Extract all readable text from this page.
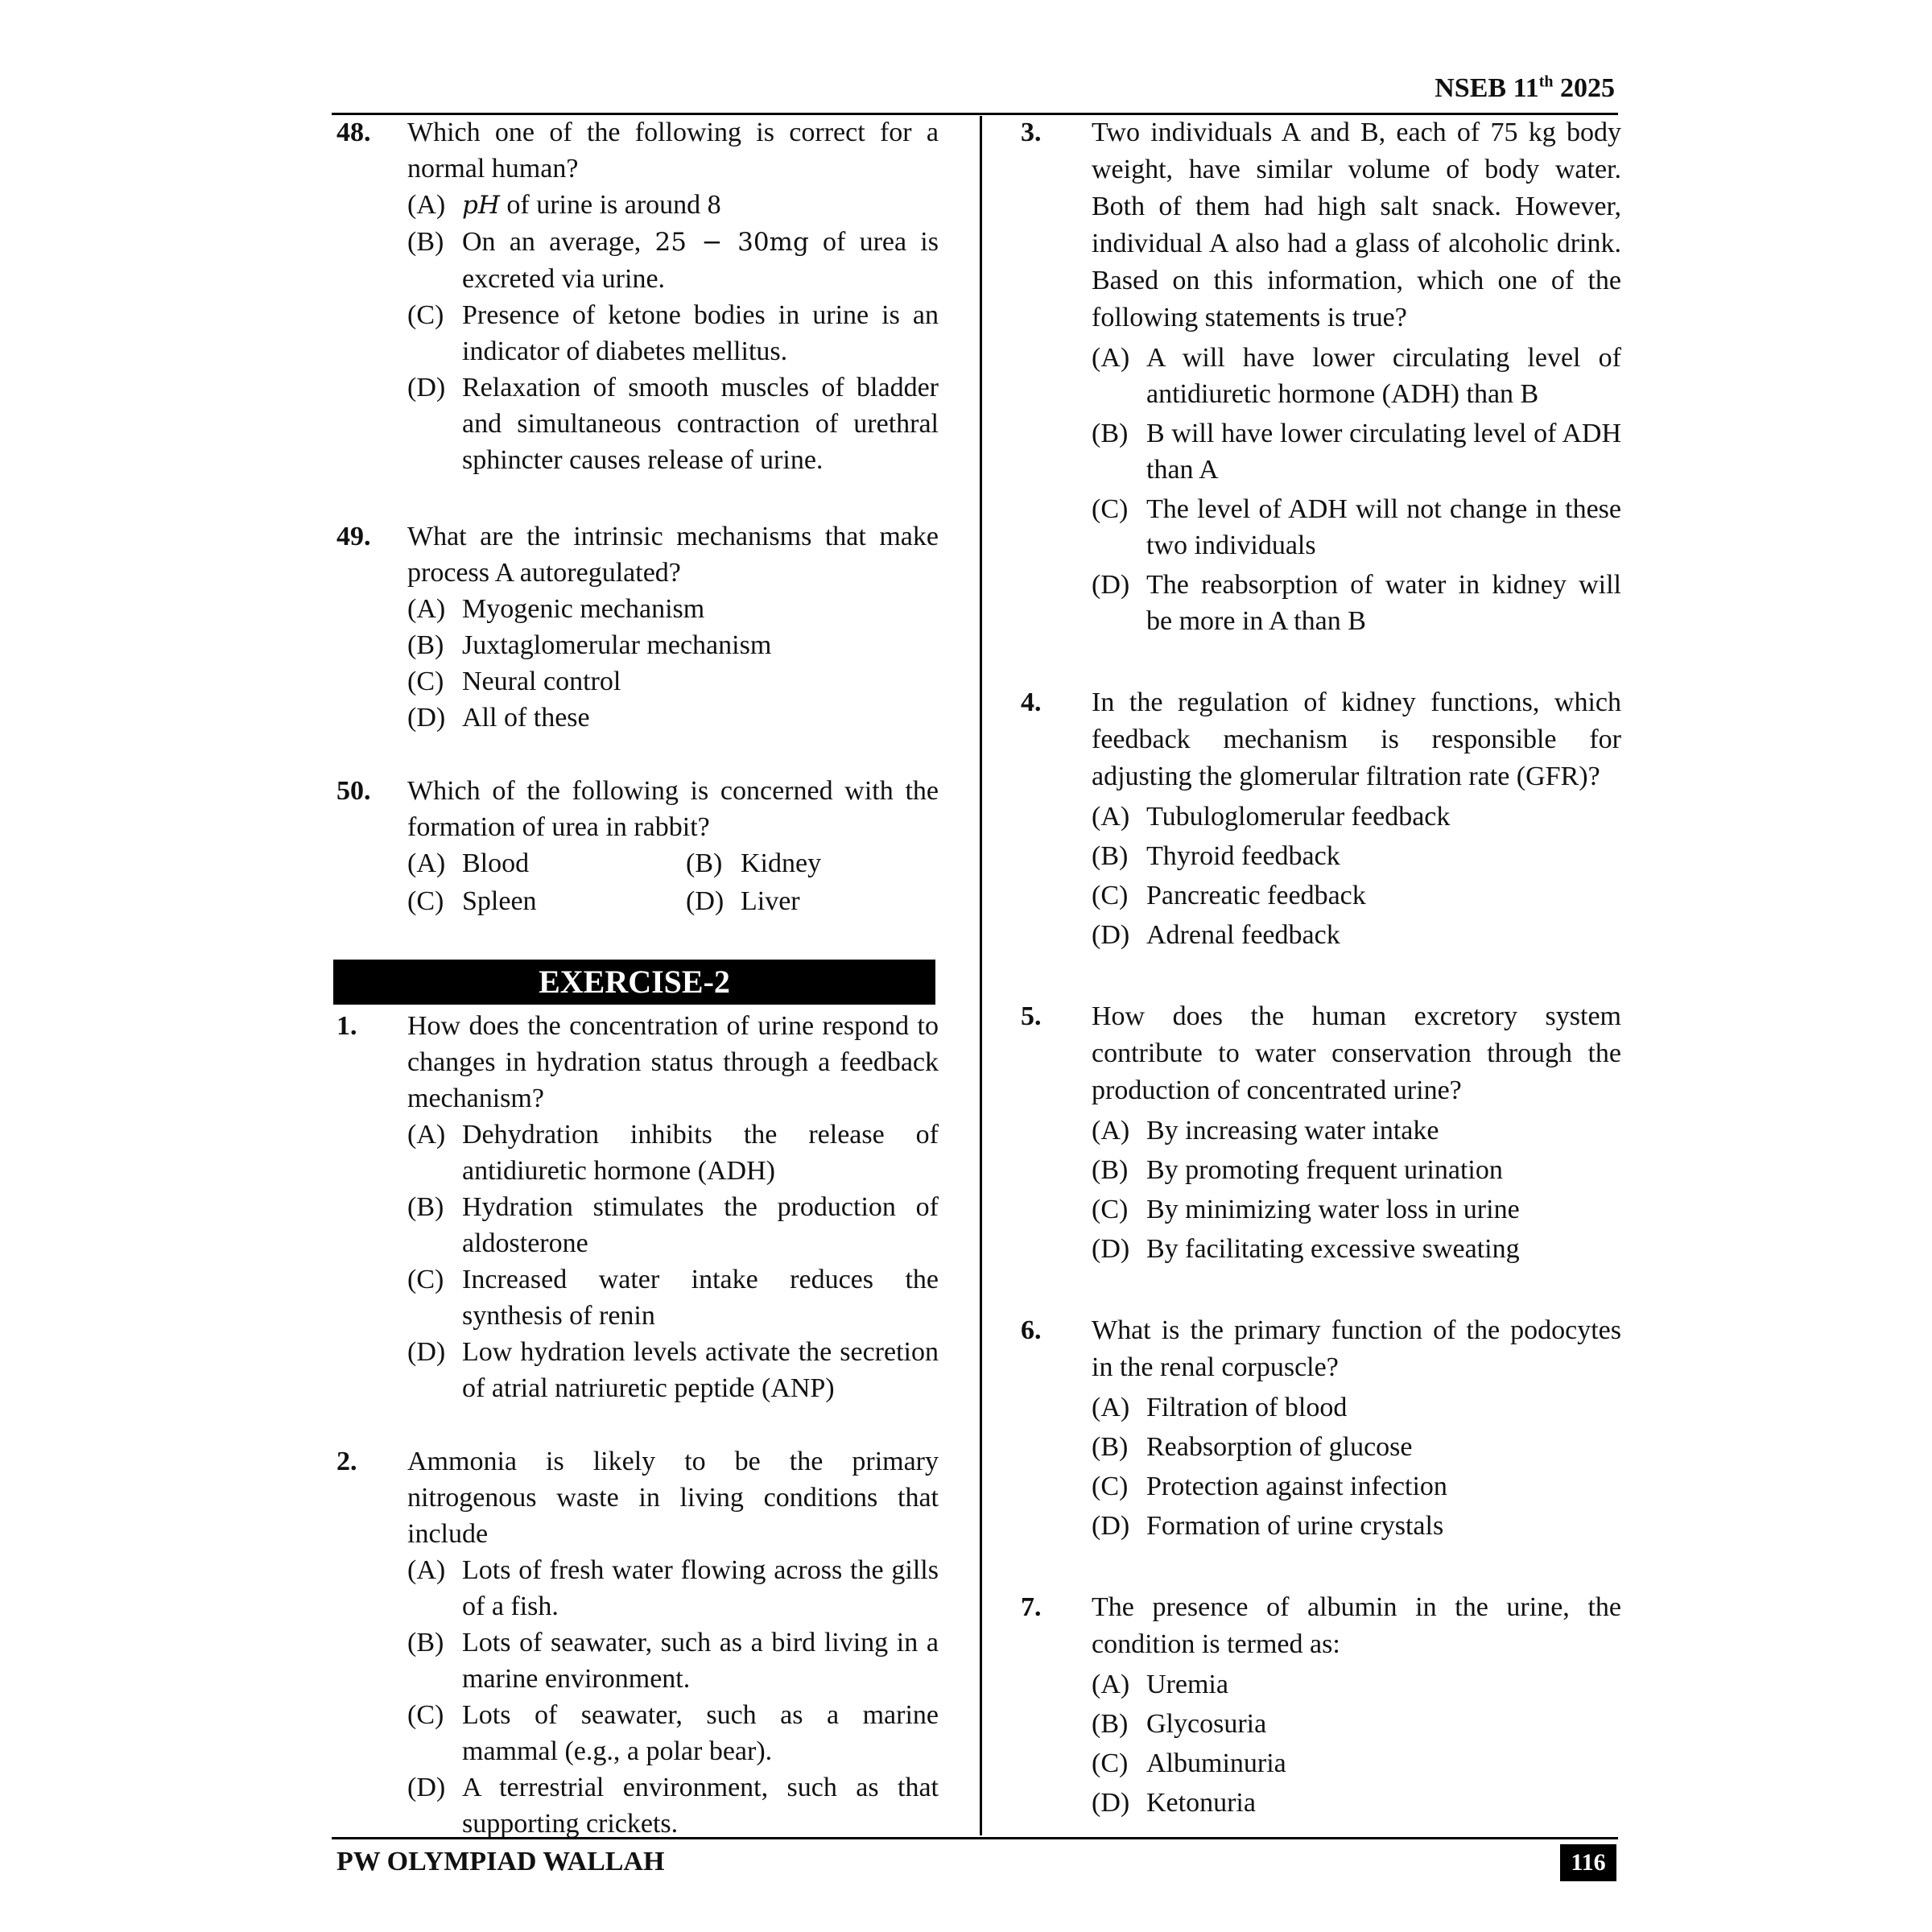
NSEB 11th 2025
48. Which one of the following is correct for a normal human?
(A) pH of urine is around 8
(B) On an average, 25 − 30mg of urea is excreted via urine.
(C) Presence of ketone bodies in urine is an indicator of diabetes mellitus.
(D) Relaxation of smooth muscles of bladder and simultaneous contraction of urethral sphincter causes release of urine.
49. What are the intrinsic mechanisms that make process A autoregulated?
(A) Myogenic mechanism
(B) Juxtaglomerular mechanism
(C) Neural control
(D) All of these
50. Which of the following is concerned with the formation of urea in rabbit?
(A) Blood	(B) Kidney
(C) Spleen	(D) Liver
EXERCISE-2
1. How does the concentration of urine respond to changes in hydration status through a feedback mechanism?
(A) Dehydration inhibits the release of antidiuretic hormone (ADH)
(B) Hydration stimulates the production of aldosterone
(C) Increased water intake reduces the synthesis of renin
(D) Low hydration levels activate the secretion of atrial natriuretic peptide (ANP)
2. Ammonia is likely to be the primary nitrogenous waste in living conditions that include
(A) Lots of fresh water flowing across the gills of a fish.
(B) Lots of seawater, such as a bird living in a marine environment.
(C) Lots of seawater, such as a marine mammal (e.g., a polar bear).
(D) A terrestrial environment, such as that supporting crickets.
3. Two individuals A and B, each of 75 kg body weight, have similar volume of body water. Both of them had high salt snack. However, individual A also had a glass of alcoholic drink. Based on this information, which one of the following statements is true?
(A) A will have lower circulating level of antidiuretic hormone (ADH) than B
(B) B will have lower circulating level of ADH than A
(C) The level of ADH will not change in these two individuals
(D) The reabsorption of water in kidney will be more in A than B
4. In the regulation of kidney functions, which feedback mechanism is responsible for adjusting the glomerular filtration rate (GFR)?
(A) Tubuloglomerular feedback
(B) Thyroid feedback
(C) Pancreatic feedback
(D) Adrenal feedback
5. How does the human excretory system contribute to water conservation through the production of concentrated urine?
(A) By increasing water intake
(B) By promoting frequent urination
(C) By minimizing water loss in urine
(D) By facilitating excessive sweating
6. What is the primary function of the podocytes in the renal corpuscle?
(A) Filtration of blood
(B) Reabsorption of glucose
(C) Protection against infection
(D) Formation of urine crystals
7. The presence of albumin in the urine, the condition is termed as:
(A) Uremia
(B) Glycosuria
(C) Albuminuria
(D) Ketonuria
PW OLYMPIAD WALLAH	116
